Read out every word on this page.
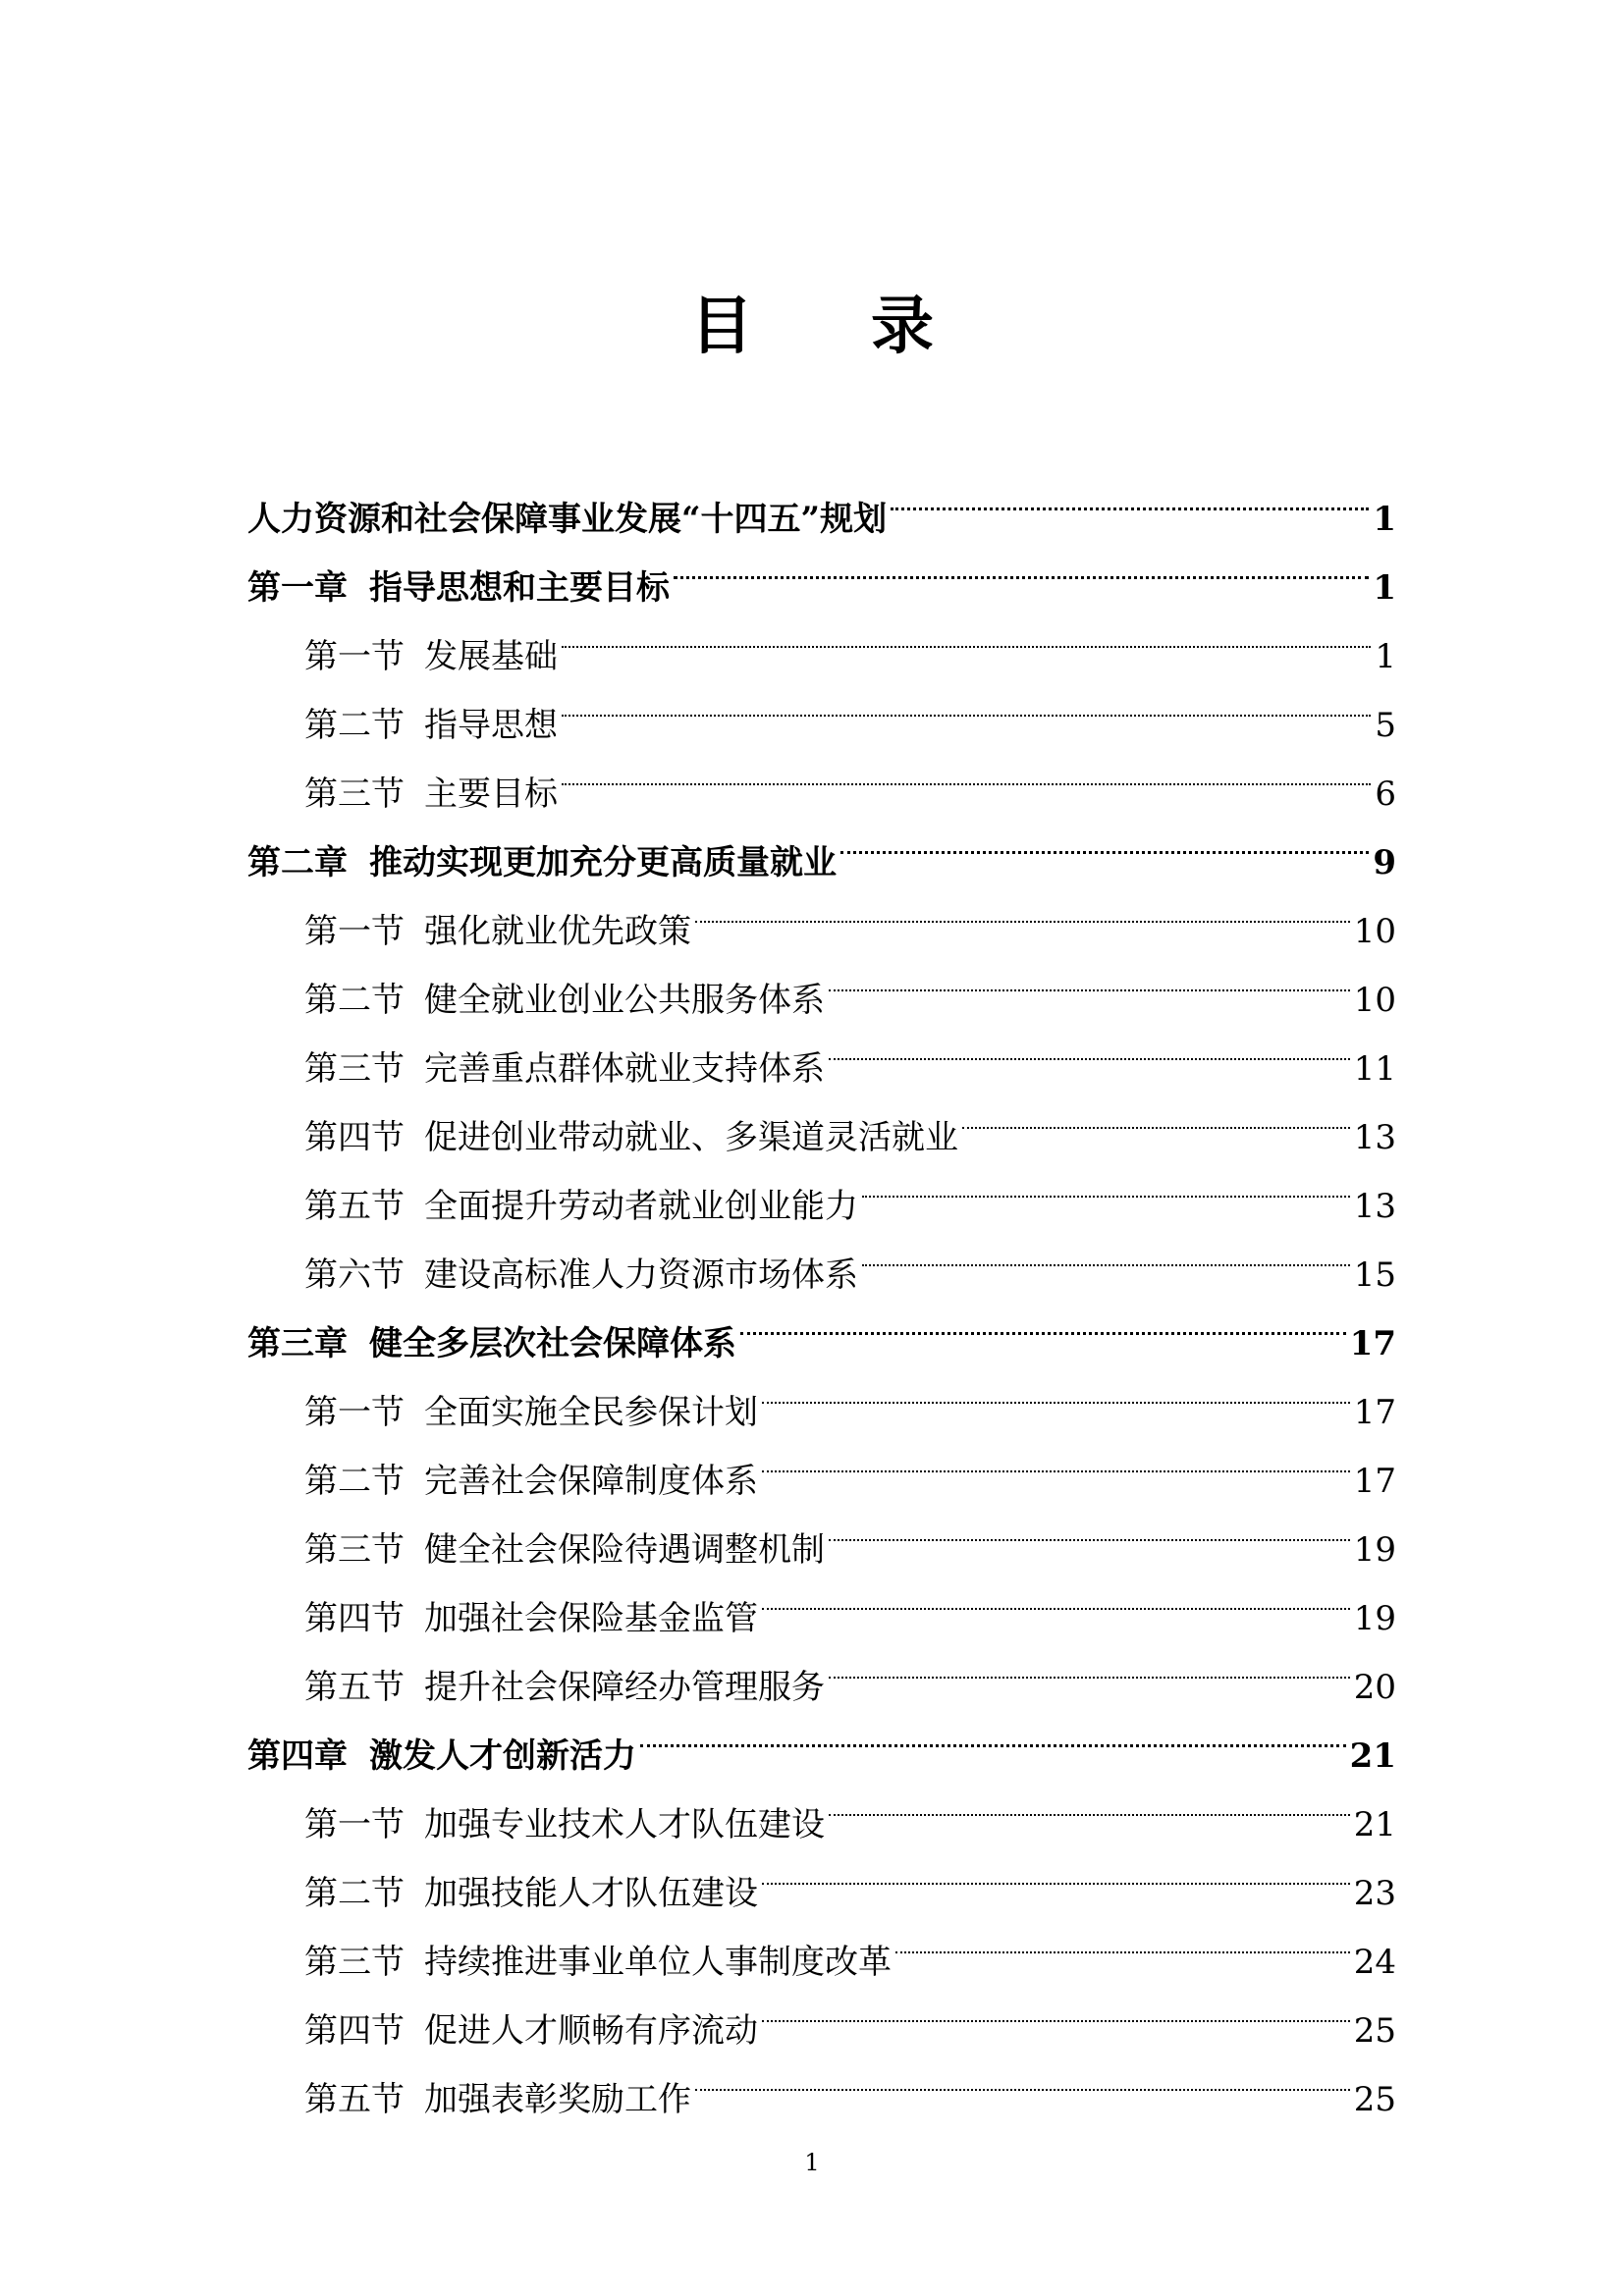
目录
人力资源和社会保障事业发展“十四五”规划	1
第一章 指导思想和主要目标	1
第一节 发展基础	1
第二节 指导思想	5
第三节 主要目标	6
第二章 推动实现更加充分更高质量就业	9
第一节 强化就业优先政策	10
第二节 健全就业创业公共服务体系	10
第三节 完善重点群体就业支持体系	11
第四节 促进创业带动就业、多渠道灵活就业	13
第五节 全面提升劳动者就业创业能力	13
第六节 建设高标准人力资源市场体系	15
第三章 健全多层次社会保障体系	17
第一节 全面实施全民参保计划	17
第二节 完善社会保障制度体系	17
第三节 健全社会保险待遇调整机制	19
第四节 加强社会保险基金监管	19
第五节 提升社会保障经办管理服务	20
第四章 激发人才创新活力	21
第一节 加强专业技术人才队伍建设	21
第二节 加强技能人才队伍建设	23
第三节 持续推进事业单位人事制度改革	24
第四节 促进人才顺畅有序流动	25
第五节 加强表彰奖励工作	25
1
